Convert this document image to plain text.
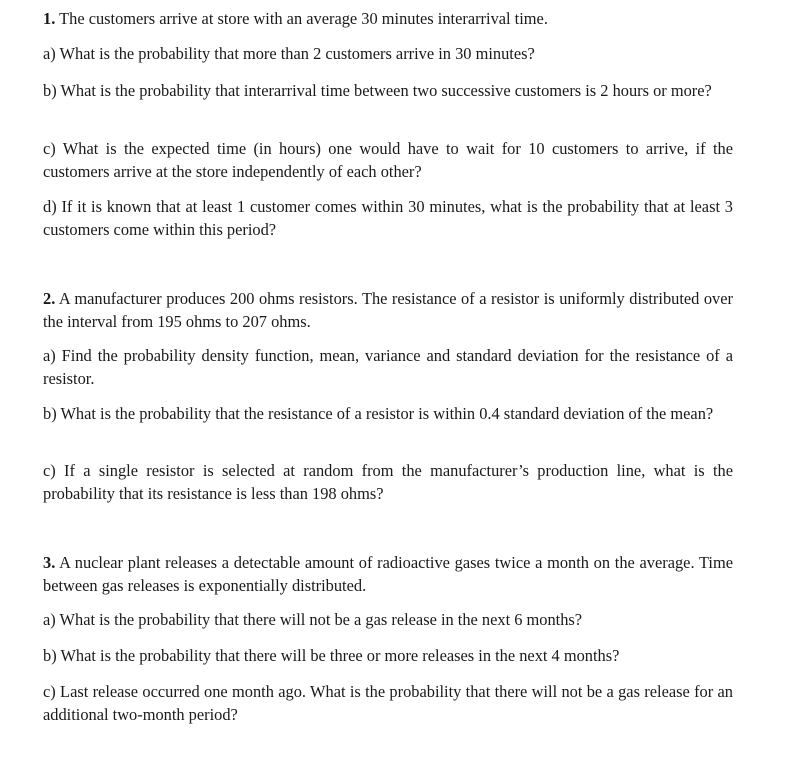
1. The customers arrive at store with an average 30 minutes interarrival time.

a) What is the probability that more than 2 customers arrive in 30 minutes?

b) What is the probability that interarrival time between two successive customers is 2 hours or more?

c) What is the expected time (in hours) one would have to wait for 10 customers to arrive, if the customers arrive at the store independently of each other?

d) If it is known that at least 1 customer comes within 30 minutes, what is the probability that at least 3 customers come within this period?

2. A manufacturer produces 200 ohms resistors. The resistance of a resistor is uniformly distributed over the interval from 195 ohms to 207 ohms.

a) Find the probability density function, mean, variance and standard deviation for the resistance of a resistor.

b) What is the probability that the resistance of a resistor is within 0.4 standard deviation of the mean?

c) If a single resistor is selected at random from the manufacturer’s production line, what is the probability that its resistance is less than 198 ohms?

3. A nuclear plant releases a detectable amount of radioactive gases twice a month on the average. Time between gas releases is exponentially distributed.

a) What is the probability that there will not be a gas release in the next 6 months?

b) What is the probability that there will be three or more releases in the next 4 months?

c) Last release occurred one month ago. What is the probability that there will not be a gas release for an additional two-month period?
